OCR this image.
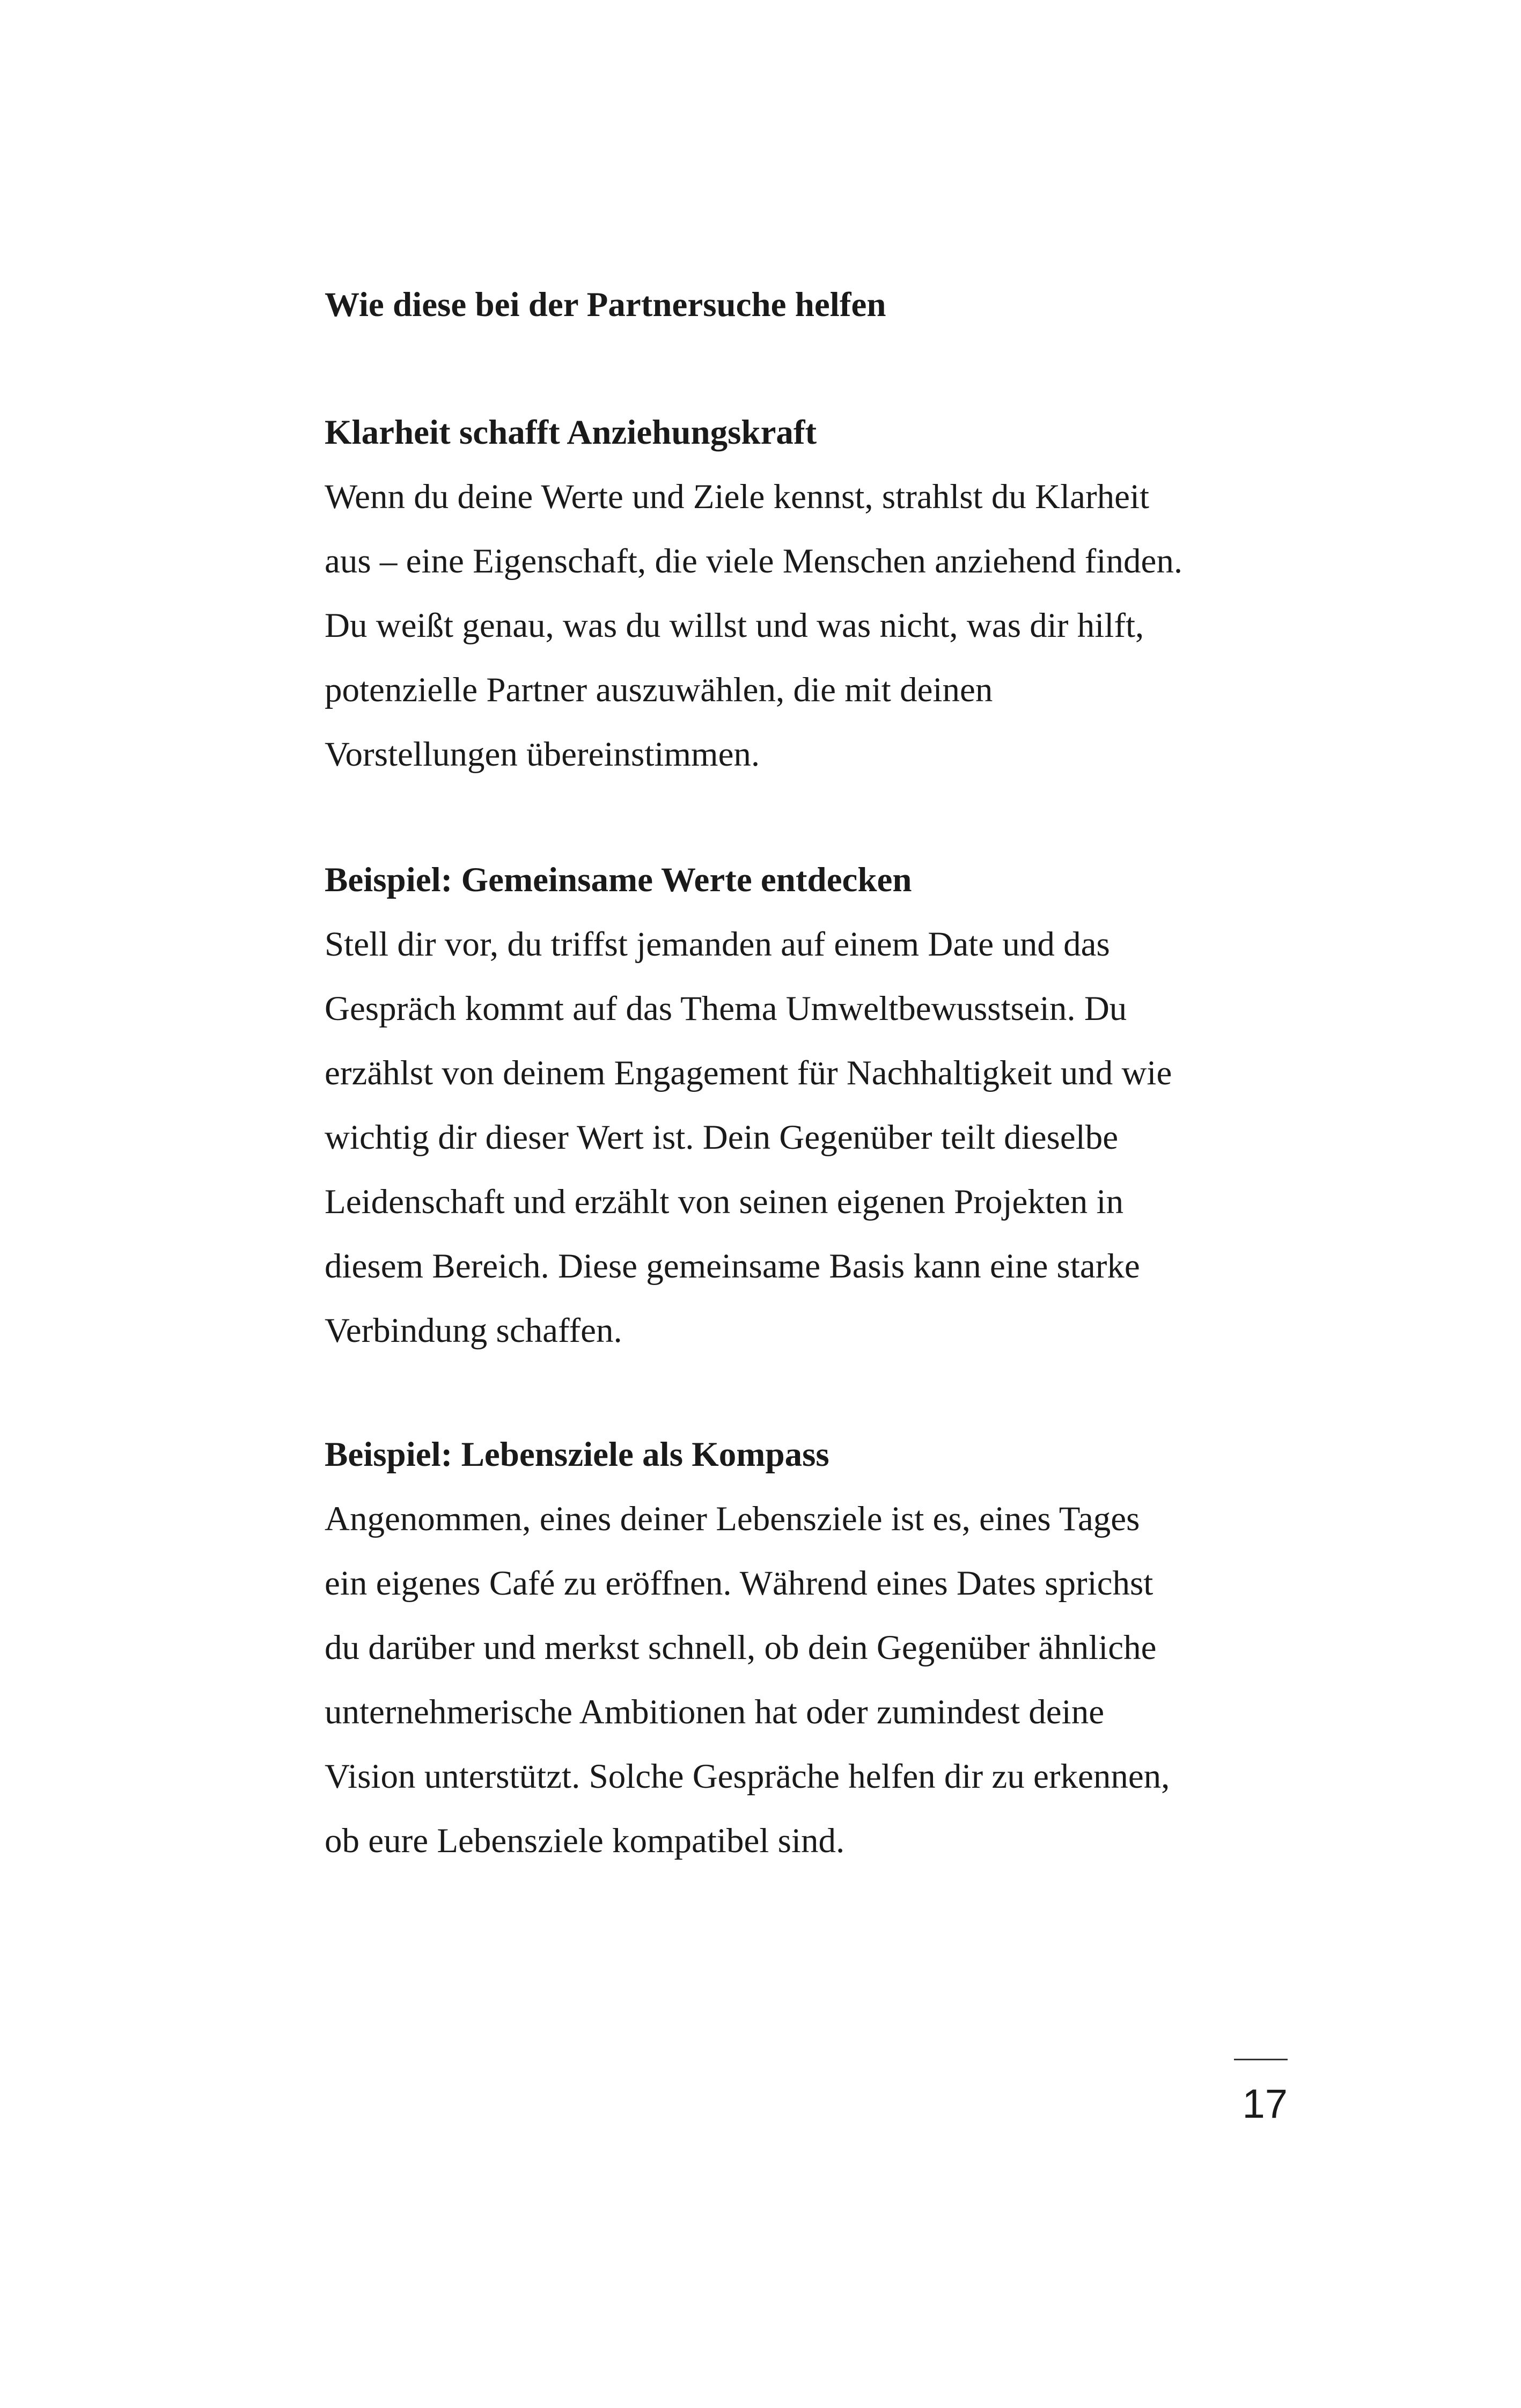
Wie diese bei der Partnersuche helfen

Klarheit schafft Anziehungskraft

Wenn du deine Werte und Ziele kennst, strahlst du Klarheit
aus – eine Eigenschaft, die viele Menschen anziehend finden.
Du weißt genau, was du willst und was nicht, was dir hilft,
potenzielle Partner auszuwählen, die mit deinen
Vorstellungen übereinstimmen.

Beispiel: Gemeinsame Werte entdecken

Stell dir vor, du triffst jemanden auf einem Date und das
Gespräch kommt auf das Thema Umweltbewusstsein. Du
erzählst von deinem Engagement für Nachhaltigkeit und wie
wichtig dir dieser Wert ist. Dein Gegenüber teilt dieselbe
Leidenschaft und erzählt von seinen eigenen Projekten in
diesem Bereich. Diese gemeinsame Basis kann eine starke
Verbindung schaffen.

Beispiel: Lebensziele als Kompass

Angenommen, eines deiner Lebensziele ist es, eines Tages
ein eigenes Café zu eröffnen. Während eines Dates sprichst
du darüber und merkst schnell, ob dein Gegenüber ähnliche
unternehmerische Ambitionen hat oder zumindest deine
Vision unterstützt. Solche Gespräche helfen dir zu erkennen,
ob eure Lebensziele kompatibel sind.

17
